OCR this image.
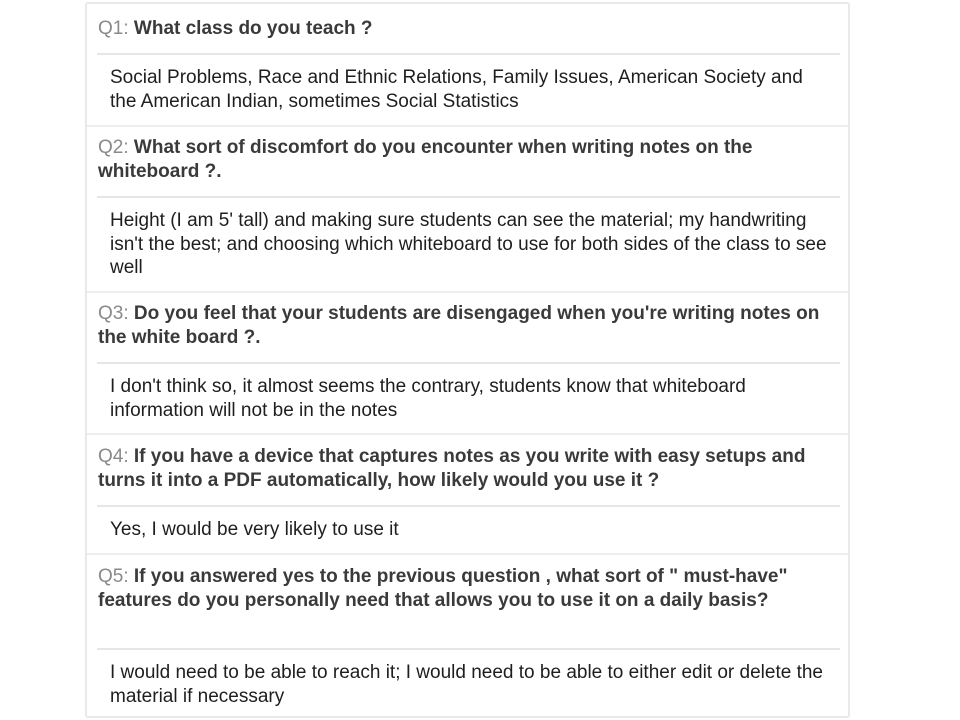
Q1: What class do you teach ?
Social Problems, Race and Ethnic Relations, Family Issues, American Society and the American Indian, sometimes Social Statistics
Q2: What sort of discomfort do you encounter when writing notes on the whiteboard ?.
Height (I am 5' tall) and making sure students can see the material; my handwriting isn't the best; and choosing which whiteboard to use for both sides of the class to see well
Q3: Do you feel that your students are disengaged when you're writing notes on the white board ?.
I don't think so, it almost seems the contrary, students know that whiteboard information will not be in the notes
Q4: If you have a device that captures notes as you write with easy setups and turns it into a PDF automatically, how likely would you use it ?
Yes, I would be very likely to use it
Q5: If you answered yes to the previous question , what sort of " must-have" features do you personally need that allows you to use it on a daily basis?
I would need to be able to reach it; I would need to be able to either edit or delete the material if necessary
